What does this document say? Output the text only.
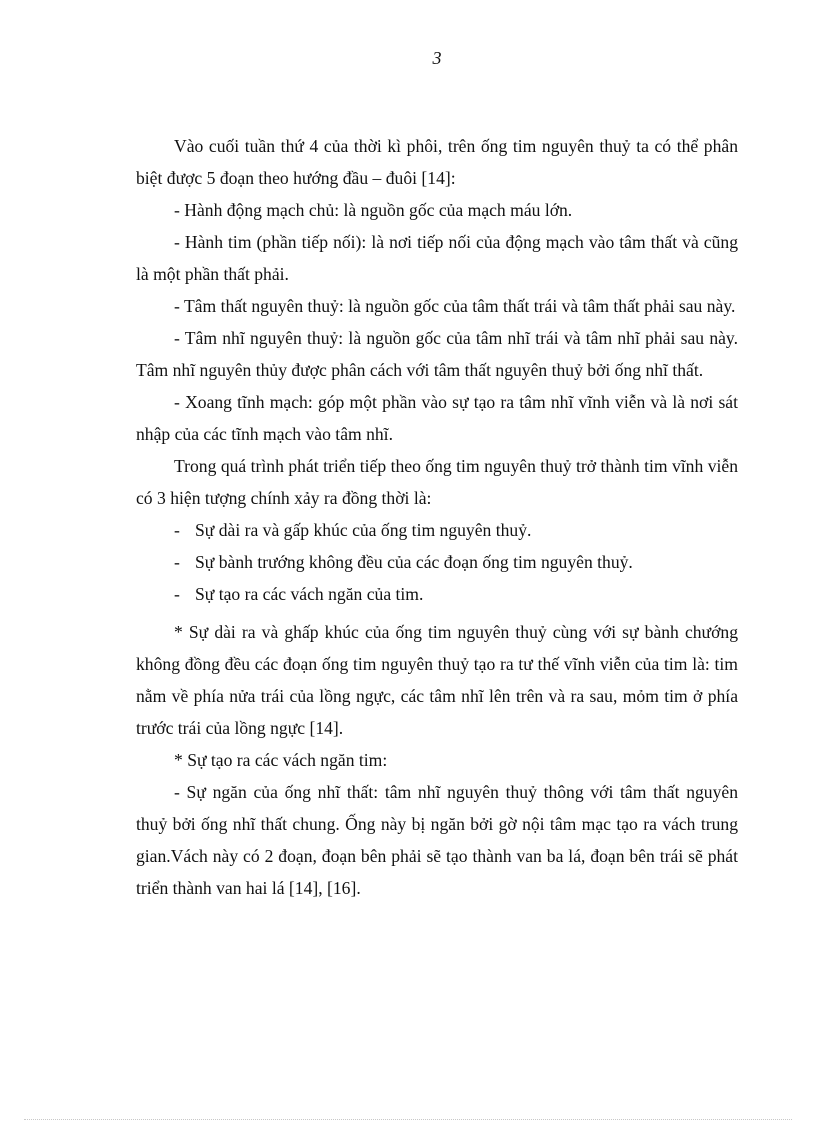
3

Vào cuối tuần thứ 4 của thời kì phôi, trên ống tim nguyên thuỷ ta có thể phân biệt được 5 đoạn theo hướng đầu – đuôi [14]:

- Hành động mạch chủ: là nguồn gốc của mạch máu lớn.

- Hành tim (phần tiếp nối): là nơi tiếp nối của động mạch vào tâm thất và cũng là một phần thất phải.

- Tâm thất nguyên thuỷ: là nguồn gốc của tâm thất trái và tâm thất phải sau này.

- Tâm nhĩ nguyên thuỷ: là nguồn gốc của tâm nhĩ trái và tâm nhĩ phải sau này. Tâm nhĩ nguyên thủy được phân cách với tâm thất nguyên thuỷ bởi ống nhĩ thất.

- Xoang tĩnh mạch: góp một phần vào sự tạo ra tâm nhĩ vĩnh viễn và là nơi sát nhập của các tĩnh mạch vào tâm nhĩ.

Trong quá trình phát triển tiếp theo ống tim nguyên thuỷ trở thành tim vĩnh viễn có 3 hiện tượng chính xảy ra đồng thời là:

- Sự dài ra và gấp khúc của ống tim nguyên thuỷ.

- Sự bành trướng không đều của các đoạn ống tim nguyên thuỷ.

- Sự tạo ra các vách ngăn của tim.

* Sự dài ra và ghấp khúc của ống tim nguyên thuỷ cùng với sự bành chướng không đồng đều các đoạn ống tim nguyên thuỷ tạo ra tư thế vĩnh viễn của tim là: tim nằm về phía nửa trái của lồng ngực, các tâm nhĩ lên trên và ra sau, mỏm tim ở phía trước trái của lồng ngực [14].

* Sự tạo ra các vách ngăn tim:

- Sự ngăn của ống nhĩ thất: tâm nhĩ nguyên thuỷ thông với tâm thất nguyên thuỷ bởi ống nhĩ thất chung. Ống này bị ngăn bởi gờ nội tâm mạc tạo ra vách trung gian.Vách này có 2 đoạn, đoạn bên phải sẽ tạo thành van ba lá, đoạn bên trái sẽ phát triển thành van hai lá [14], [16].
